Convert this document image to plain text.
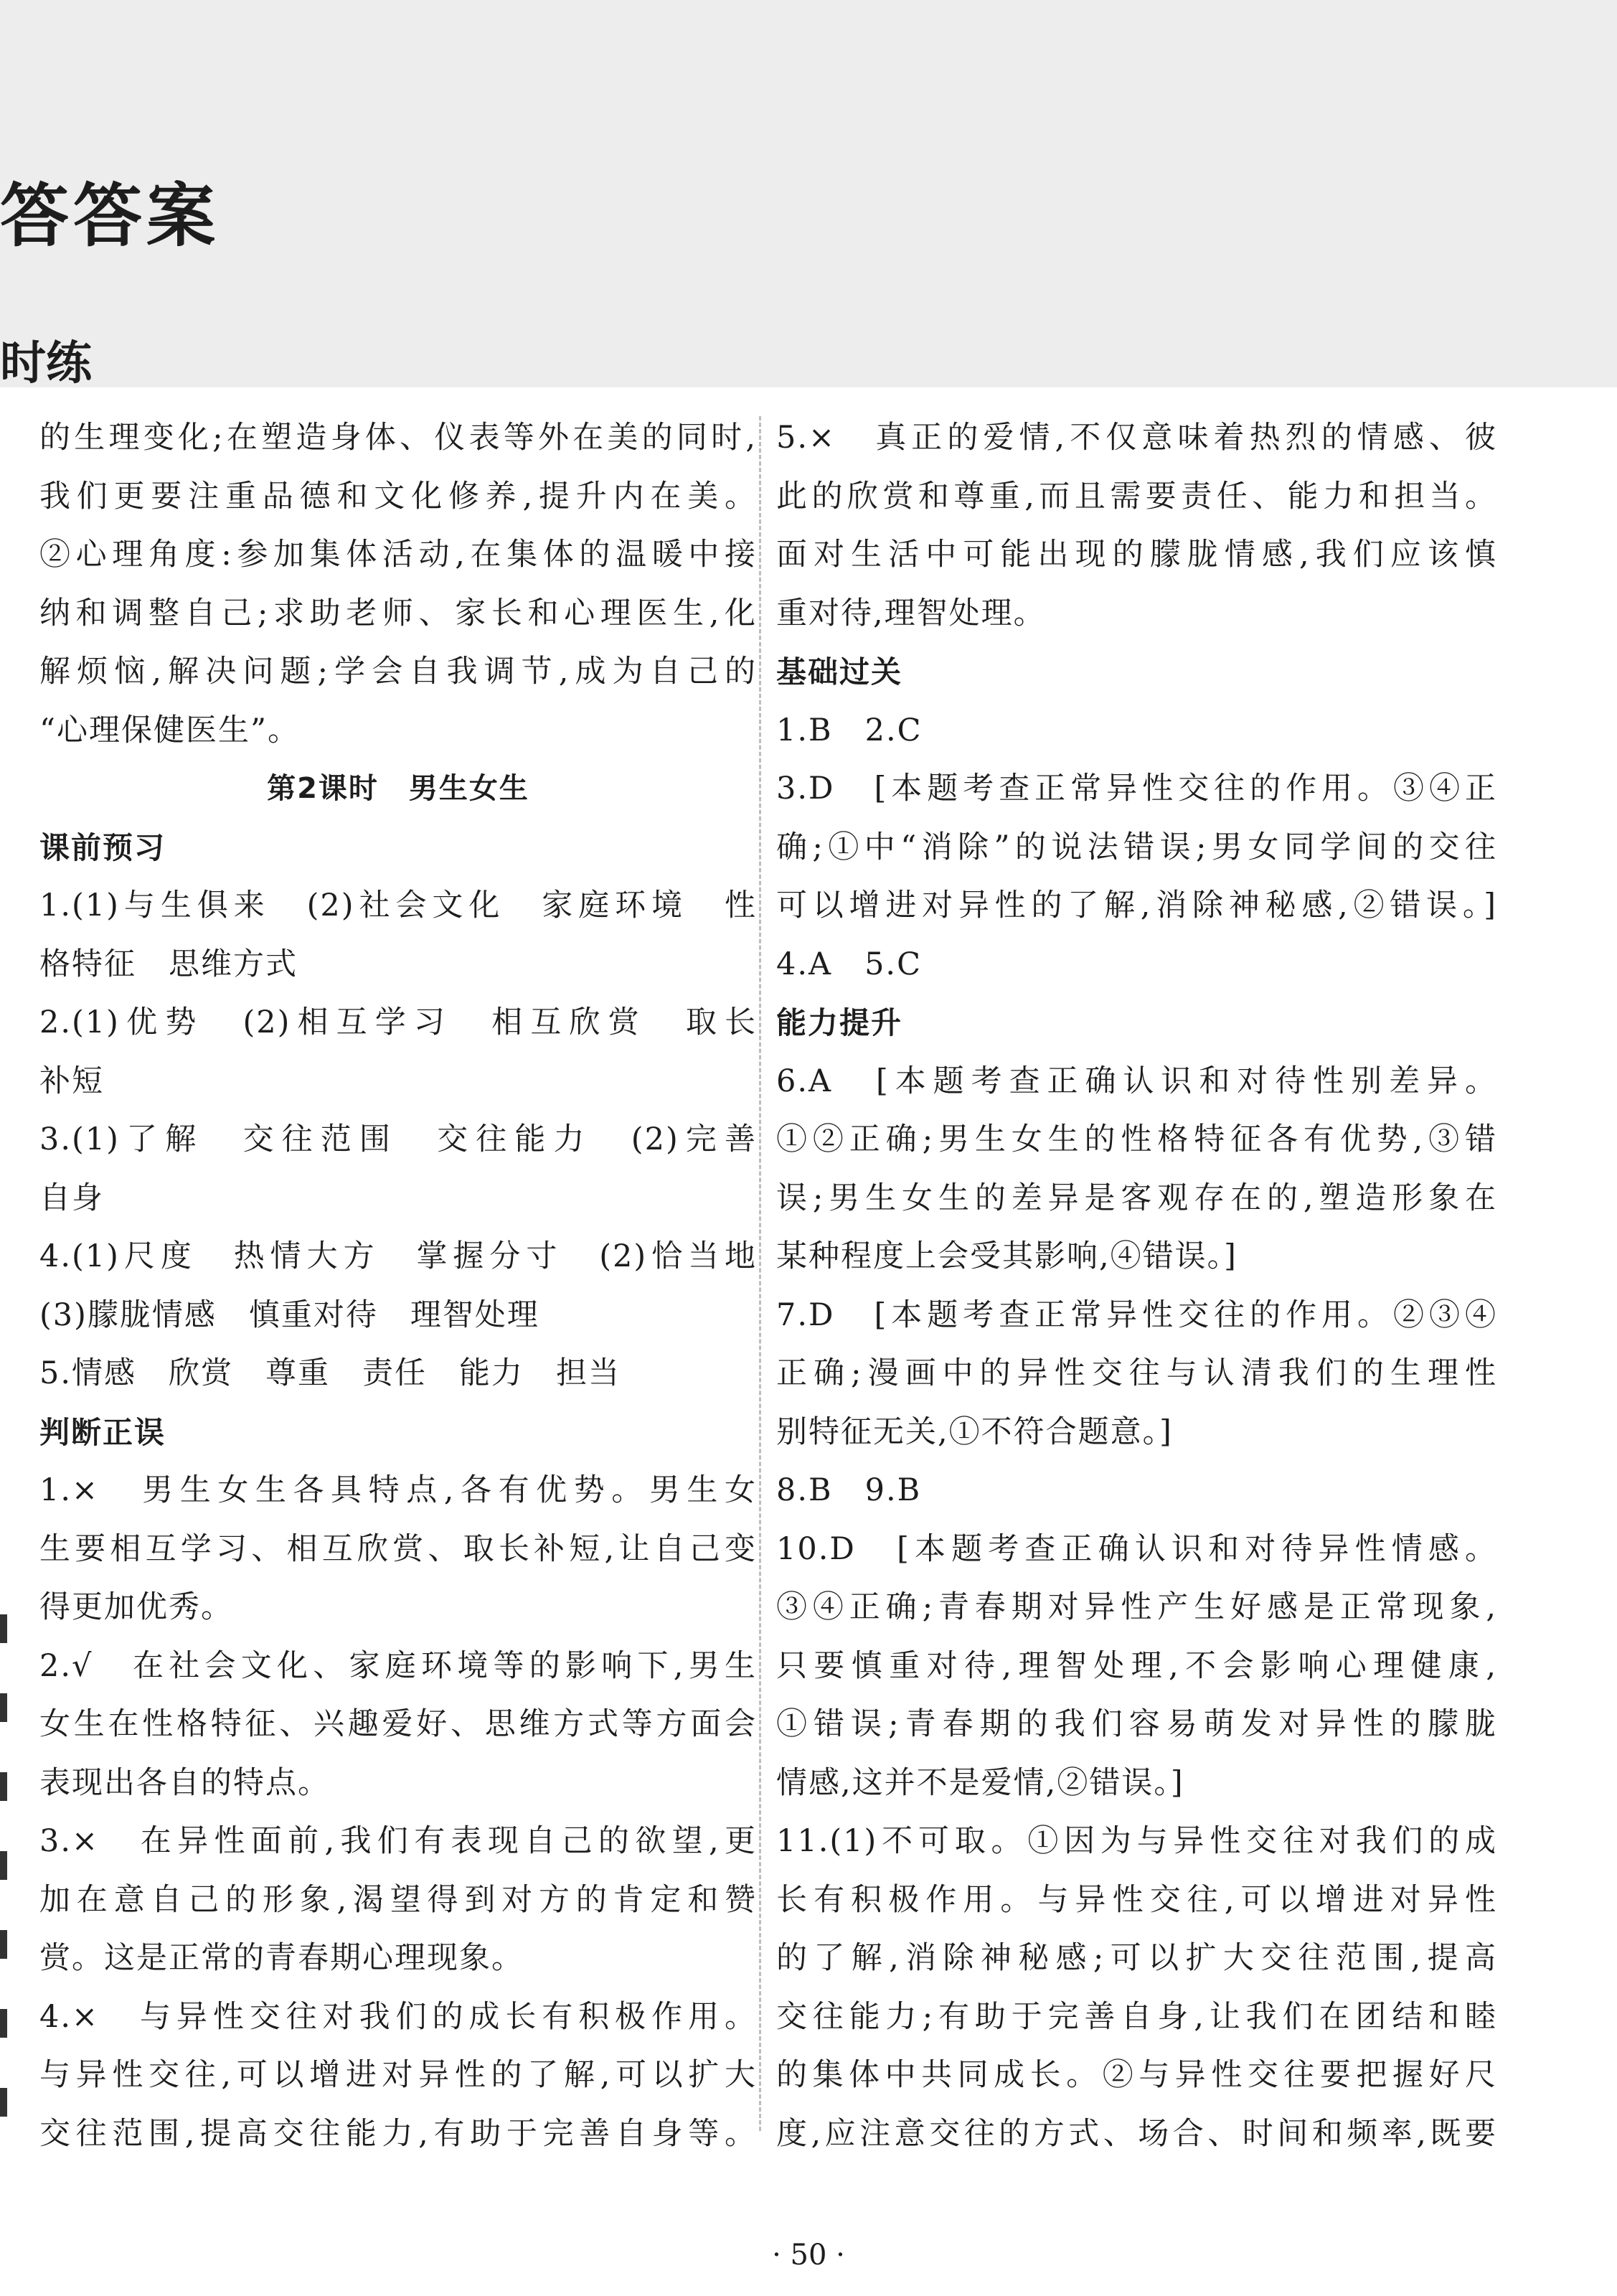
答答案
时练
的生理变化;在塑造身体、仪表等外在美的同时,
我们更要注重品德和文化修养,提升内在美。
②心理角度:参加集体活动,在集体的温暖中接
纳和调整自己;求助老师、家长和心理医生,化
解烦恼,解决问题;学会自我调节,成为自己的
“心理保健医生”。
第2课时　男生女生
课前预习
1.(1)与生俱来　(2)社会文化　家庭环境　性
格特征　思维方式
2.(1)优势　(2)相互学习　相互欣赏　取长
补短
3.(1)了解　交往范围　交往能力　(2)完善
自身
4.(1)尺度　热情大方　掌握分寸　(2)恰当地
(3)朦胧情感　慎重对待　理智处理
5.情感　欣赏　尊重　责任　能力　担当
判断正误
1.×　男生女生各具特点,各有优势。男生女
生要相互学习、相互欣赏、取长补短,让自己变
得更加优秀。
2.√　在社会文化、家庭环境等的影响下,男生
女生在性格特征、兴趣爱好、思维方式等方面会
表现出各自的特点。
3.×　在异性面前,我们有表现自己的欲望,更
加在意自己的形象,渴望得到对方的肯定和赞
赏。这是正常的青春期心理现象。
4.×　与异性交往对我们的成长有积极作用。
与异性交往,可以增进对异性的了解,可以扩大
交往范围,提高交往能力,有助于完善自身等。
5.×　真正的爱情,不仅意味着热烈的情感、彼
此的欣赏和尊重,而且需要责任、能力和担当。
面对生活中可能出现的朦胧情感,我们应该慎
重对待,理智处理。
基础过关
1.B　2.C
3.D　[本题考查正常异性交往的作用。③④正
确;①中“消除”的说法错误;男女同学间的交往
可以增进对异性的了解,消除神秘感,②错误。]
4.A　5.C
能力提升
6.A　[本题考查正确认识和对待性别差异。
①②正确;男生女生的性格特征各有优势,③错
误;男生女生的差异是客观存在的,塑造形象在
某种程度上会受其影响,④错误。]
7.D　[本题考查正常异性交往的作用。②③④
正确;漫画中的异性交往与认清我们的生理性
别特征无关,①不符合题意。]
8.B　9.B
10.D　[本题考查正确认识和对待异性情感。
③④正确;青春期对异性产生好感是正常现象,
只要慎重对待,理智处理,不会影响心理健康,
①错误;青春期的我们容易萌发对异性的朦胧
情感,这并不是爱情,②错误。]
11.(1)不可取。①因为与异性交往对我们的成
长有积极作用。与异性交往,可以增进对异性
的了解,消除神秘感;可以扩大交往范围,提高
交往能力;有助于完善自身,让我们在团结和睦
的集体中共同成长。②与异性交往要把握好尺
度,应注意交往的方式、场合、时间和频率,既要
· 50 ·
